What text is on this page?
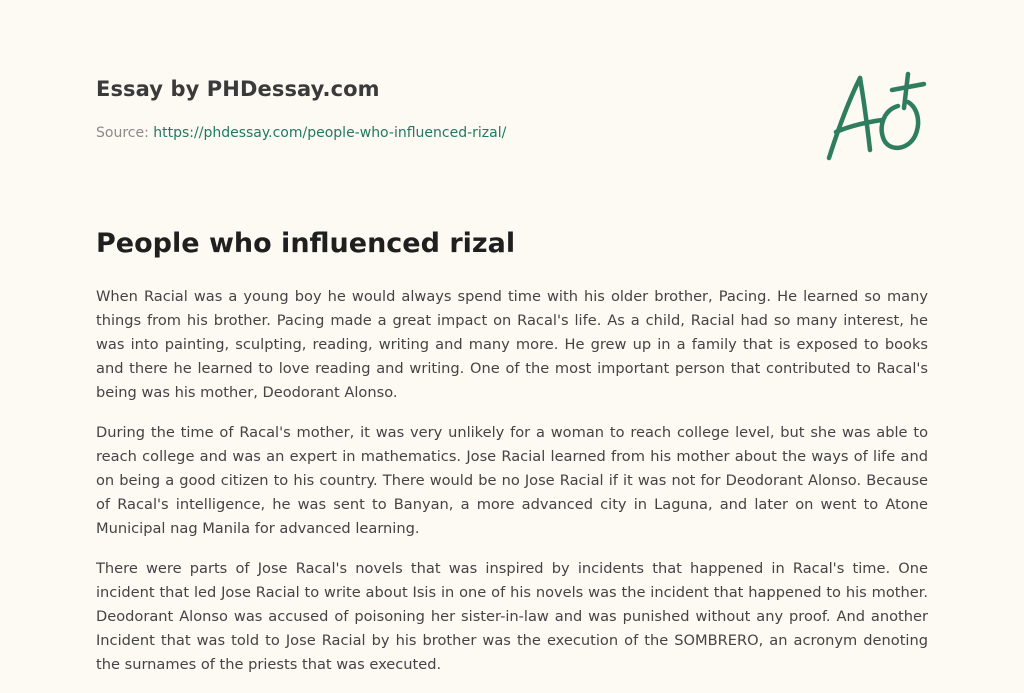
Essay by PHDessay.com
Source: https://phdessay.com/people-who-influenced-rizal/
People who influenced rizal

When Racial was a young boy he would always spend time with his older brother, Pacing. He learned so many things from his brother. Pacing made a great impact on Racal's life. As a child, Racial had so many interest, he was into painting, sculpting, reading, writing and many more. He grew up in a family that is exposed to books and there he learned to love reading and writing. One of the most important person that contributed to Racal's being was his mother, Deodorant Alonso.

During the time of Racal's mother, it was very unlikely for a woman to reach college level, but she was able to reach college and was an expert in mathematics. Jose Racial learned from his mother about the ways of life and on being a good citizen to his country. There would be no Jose Racial if it was not for Deodorant Alonso. Because of Racal's intelligence, he was sent to Banyan, a more advanced city in Laguna, and later on went to Atone Municipal nag Manila for advanced learning.

There were parts of Jose Racal's novels that was inspired by incidents that happened in Racal's time. One incident that led Jose Racial to write about Isis in one of his novels was the incident that happened to his mother. Deodorant Alonso was accused of poisoning her sister-in-law and was punished without any proof. And another Incident that was told to Jose Racial by his brother was the execution of the SOMBRERO, an acronym denoting the surnames of the priests that was executed.
